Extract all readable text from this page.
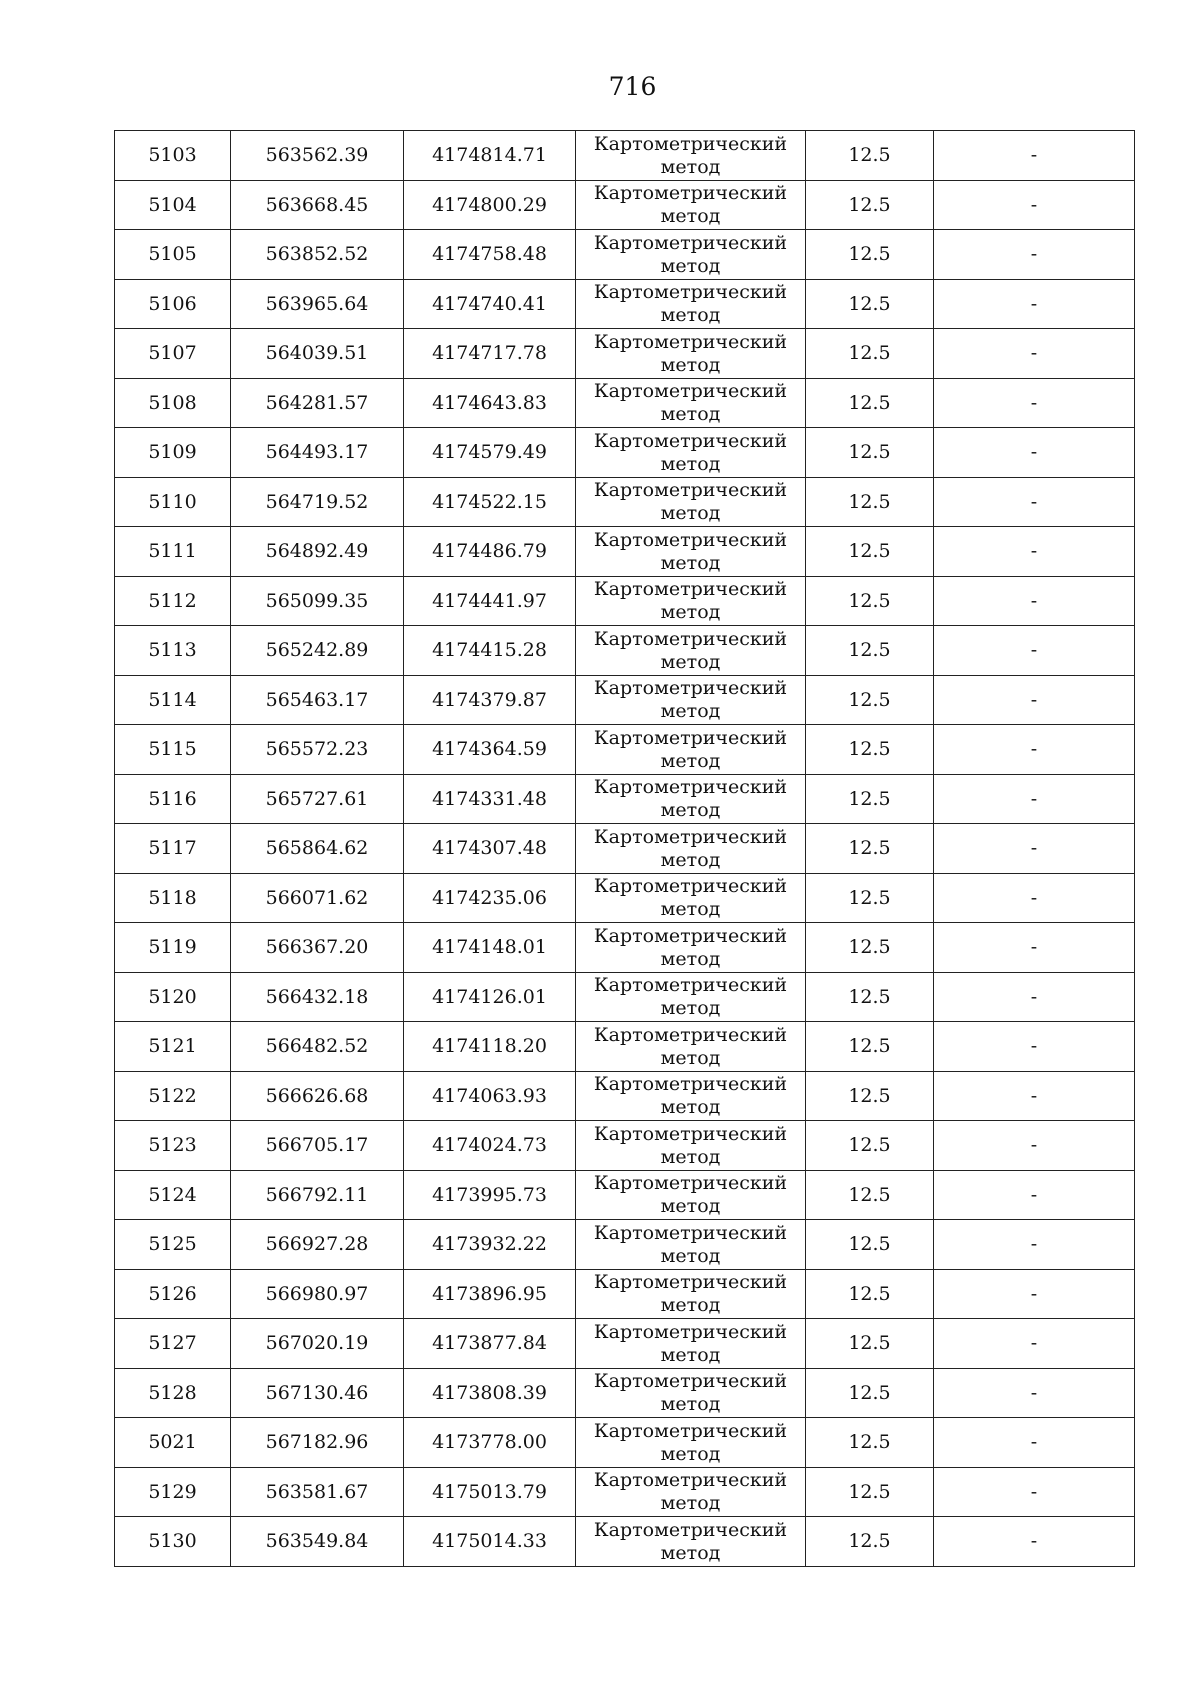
716
5103	563562.39	4174814.71	Картометрический метод	12.5	-
5104	563668.45	4174800.29	Картометрический метод	12.5	-
5105	563852.52	4174758.48	Картометрический метод	12.5	-
5106	563965.64	4174740.41	Картометрический метод	12.5	-
5107	564039.51	4174717.78	Картометрический метод	12.5	-
5108	564281.57	4174643.83	Картометрический метод	12.5	-
5109	564493.17	4174579.49	Картометрический метод	12.5	-
5110	564719.52	4174522.15	Картометрический метод	12.5	-
5111	564892.49	4174486.79	Картометрический метод	12.5	-
5112	565099.35	4174441.97	Картометрический метод	12.5	-
5113	565242.89	4174415.28	Картометрический метод	12.5	-
5114	565463.17	4174379.87	Картометрический метод	12.5	-
5115	565572.23	4174364.59	Картометрический метод	12.5	-
5116	565727.61	4174331.48	Картометрический метод	12.5	-
5117	565864.62	4174307.48	Картометрический метод	12.5	-
5118	566071.62	4174235.06	Картометрический метод	12.5	-
5119	566367.20	4174148.01	Картометрический метод	12.5	-
5120	566432.18	4174126.01	Картометрический метод	12.5	-
5121	566482.52	4174118.20	Картометрический метод	12.5	-
5122	566626.68	4174063.93	Картометрический метод	12.5	-
5123	566705.17	4174024.73	Картометрический метод	12.5	-
5124	566792.11	4173995.73	Картометрический метод	12.5	-
5125	566927.28	4173932.22	Картометрический метод	12.5	-
5126	566980.97	4173896.95	Картометрический метод	12.5	-
5127	567020.19	4173877.84	Картометрический метод	12.5	-
5128	567130.46	4173808.39	Картометрический метод	12.5	-
5021	567182.96	4173778.00	Картометрический метод	12.5	-
5129	563581.67	4175013.79	Картометрический метод	12.5	-
5130	563549.84	4175014.33	Картометрический метод	12.5	-
